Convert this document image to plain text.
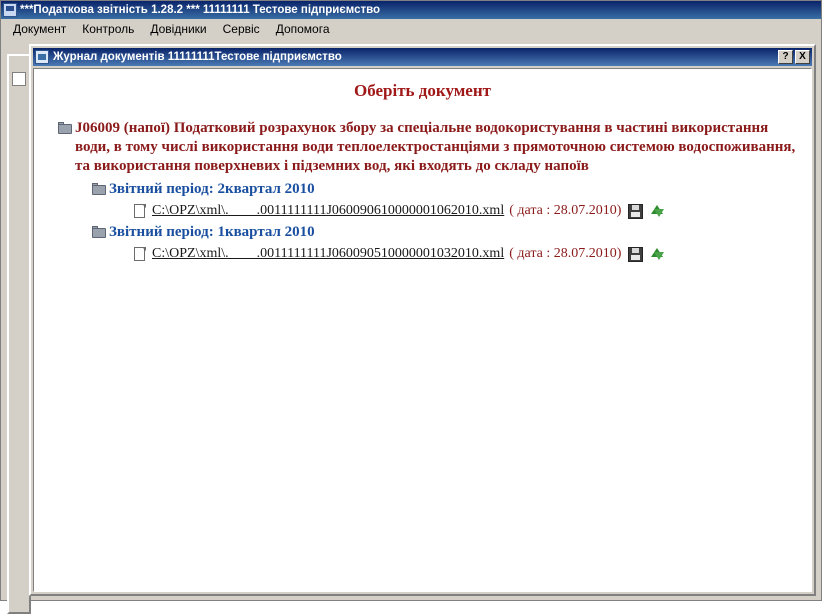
***Податкова звітність 1.28.2 *** 11111111 Тестове підприємство
Документ	Контроль	Довідники	Сервіс	Допомога
Журнал документів 11111111Тестове підприємство	?	X
Оберіть документ
J06009 (напої) Податковий розрахунок збору за спеціальне водокористування в частині використання води, в тому числі використання води теплоелектростанціями з прямоточною системою водоспоживання, та використання поверхневих і підземних вод, які входять до складу напоїв
Звітний період: 2квартал 2010
C:\OPZ\xml\.        .0011111111J060090610000001062010.xml ( дата : 28.07.2010)
Звітний період: 1квартал 2010
C:\OPZ\xml\.        .0011111111J060090510000001032010.xml ( дата : 28.07.2010)
